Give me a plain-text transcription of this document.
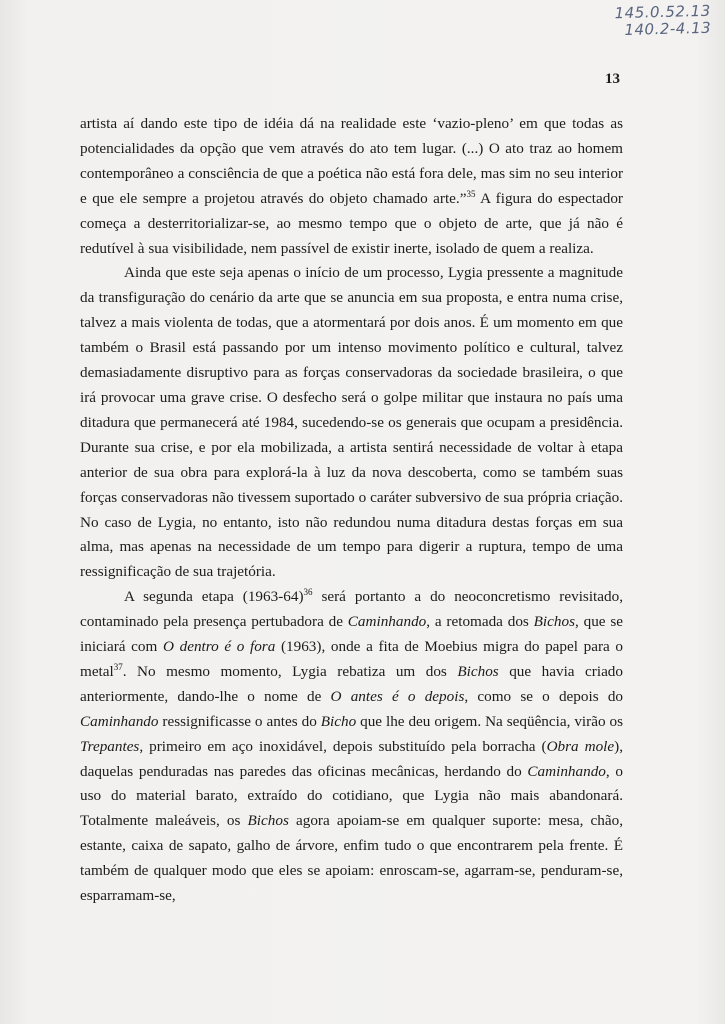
145.0.52.13
140.2-4.13
13

artista aí dando este tipo de idéia dá na realidade este ‘vazio-pleno’ em que todas as potencialidades da opção que vem através do ato tem lugar. (...) O ato traz ao homem contemporâneo a consciência de que a poética não está fora dele, mas sim no seu interior e que ele sempre a projetou através do objeto chamado arte.”$^{35}$ A figura do espectador começa a desterritorializar-se, ao mesmo tempo que o objeto de arte, que já não é redutível à sua visibilidade, nem passível de existir inerte, isolado de quem a realiza.

Ainda que este seja apenas o início de um processo, Lygia pressente a magnitude da transfiguração do cenário da arte que se anuncia em sua proposta, e entra numa crise, talvez a mais violenta de todas, que a atormentará por dois anos. É um momento em que também o Brasil está passando por um intenso movimento político e cultural, talvez demasiadamente disruptivo para as forças conservadoras da sociedade brasileira, o que irá provocar uma grave crise. O desfecho será o golpe militar que instaura no país uma ditadura que permanecerá até 1984, sucedendo-se os generais que ocupam a presidência. Durante sua crise, e por ela mobilizada, a artista sentirá necessidade de voltar à etapa anterior de sua obra para explorá-la à luz da nova descoberta, como se também suas forças conservadoras não tivessem suportado o caráter subversivo de sua própria criação. No caso de Lygia, no entanto, isto não redundou numa ditadura destas forças em sua alma, mas apenas na necessidade de um tempo para digerir a ruptura, tempo de uma ressignificação de sua trajetória.

A segunda etapa (1963-64)$^{36}$ será portanto a do neoconcretismo revisitado, contaminado pela presença pertubadora de Caminhando, a retomada dos Bichos, que se iniciará com O dentro é o fora (1963), onde a fita de Moebius migra do papel para o metal$^{37}$. No mesmo momento, Lygia rebatiza um dos Bichos que havia criado anteriormente, dando-lhe o nome de O antes é o depois, como se o depois do Caminhando ressignificasse o antes do Bicho que lhe deu origem. Na seqüência, virão os Trepantes, primeiro em aço inoxidável, depois substituído pela borracha (Obra mole), daquelas penduradas nas paredes das oficinas mecânicas, herdando do Caminhando, o uso do material barato, extraído do cotidiano, que Lygia não mais abandonará. Totalmente maleáveis, os Bichos agora apoiam-se em qualquer suporte: mesa, chão, estante, caixa de sapato, galho de árvore, enfim tudo o que encontrarem pela frente. É também de qualquer modo que eles se apoiam: enroscam-se, agarram-se, penduram-se, esparramam-se,
